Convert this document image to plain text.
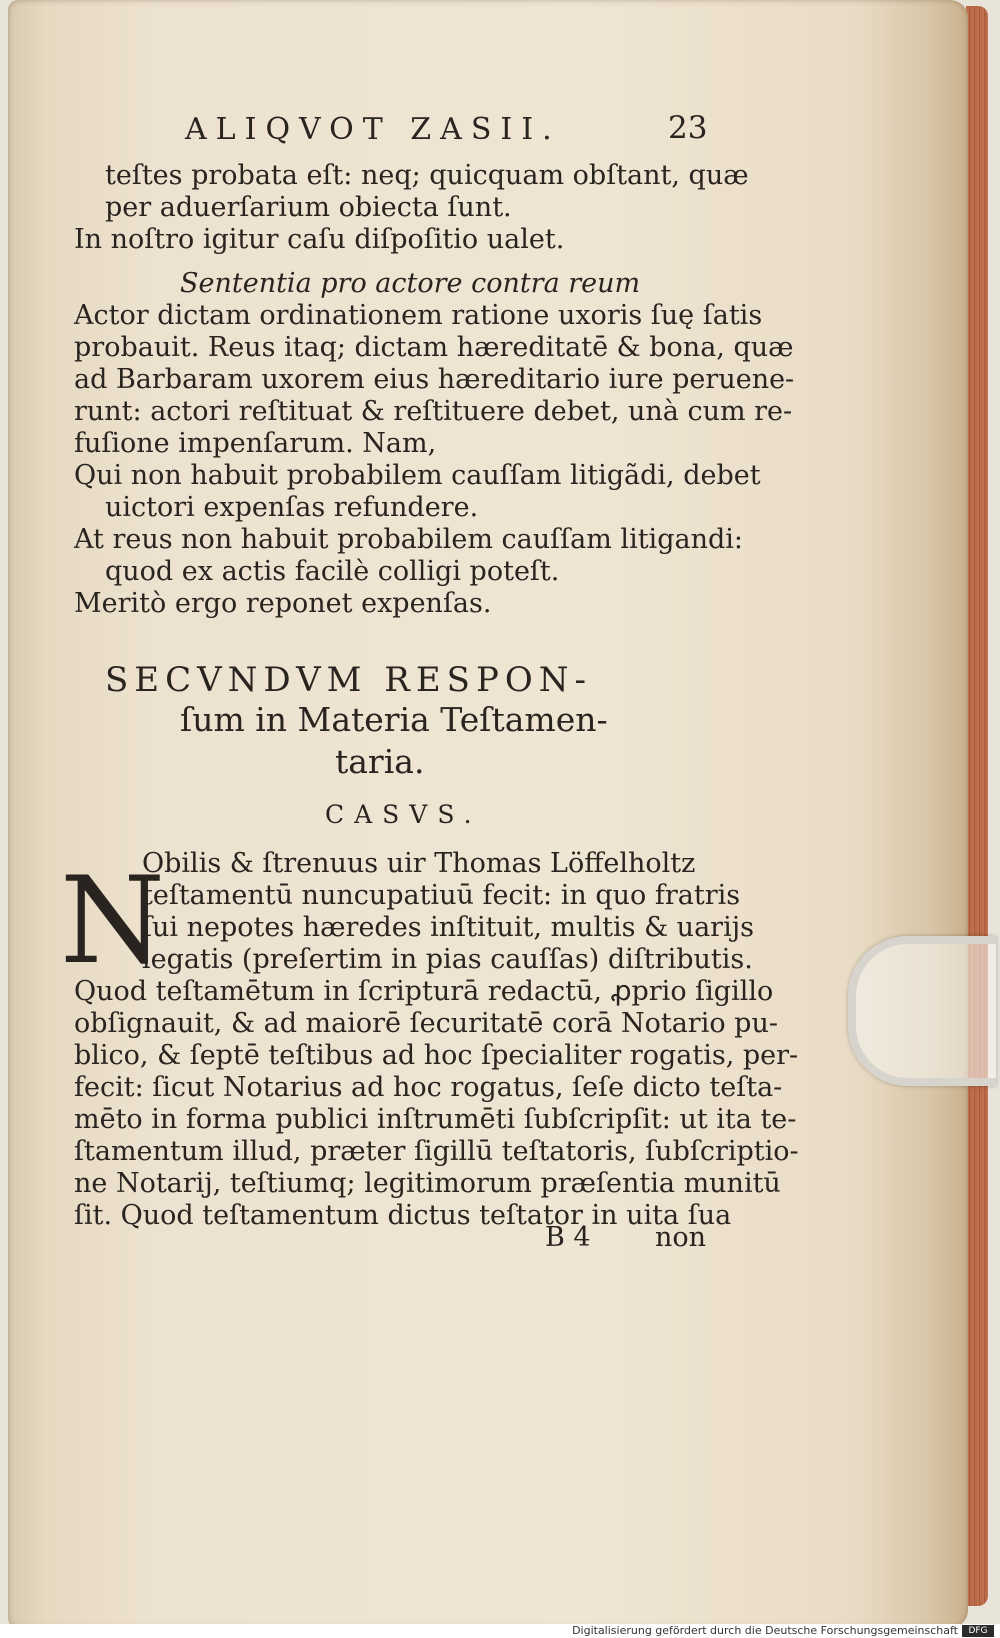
ALIQVOT ZASII.	23
teſtes probata eſt: neq; quicquam obſtant, quæ
per aduerſarium obiecta ſunt.
In noſtro igitur caſu diſpoſitio ualet.
Sententia pro actore contra reum
Actor dictam ordinationem ratione uxoris ſuę ſatis
probauit. Reus itaq; dictam hæreditatē & bona, quæ
ad Barbaram uxorem eius hæreditario iure peruene-
runt: actori reſtituat & reſtituere debet, unà cum re-
fuſione impenſarum. Nam,
Qui non habuit probabilem cauſſam litigãdi, debet
uictori expenſas refundere.
At reus non habuit probabilem cauſſam litigandi:
quod ex actis facilè colligi poteſt.
Meritò ergo reponet expenſas.
SECVNDVM RESPON-
ſum in Materia Teſtamen-
taria.
CASVS.
N
Obilis & ſtrenuus uir Thomas Löffelholtz
teſtamentū nuncupatiuū fecit: in quo fratris
ſui nepotes hæredes inſtituit, multis & uarijs
legatis (preſertim in pias cauſſas) diſtributis.
Quod teſtamētum in ſcripturā redactū, ꝓprio ſigillo
obſignauit, & ad maiorē ſecuritatē corā Notario pu-
blico, & ſeptē teſtibus ad hoc ſpecialiter rogatis, per-
fecit: ſicut Notarius ad hoc rogatus, ſeſe dicto teſta-
mēto in forma publici inſtrumēti ſubſcripſit: ut ita te-
ſtamentum illud, præter ſigillū teſtatoris, ſubſcriptio-
ne Notarij, teſtiumq; legitimorum præſentia munitū
ſit. Quod teſtamentum dictus teſtator in uita ſua
B 4 non
Digitalisierung gefördert durch die Deutsche Forschungsgemeinschaft	DFG
